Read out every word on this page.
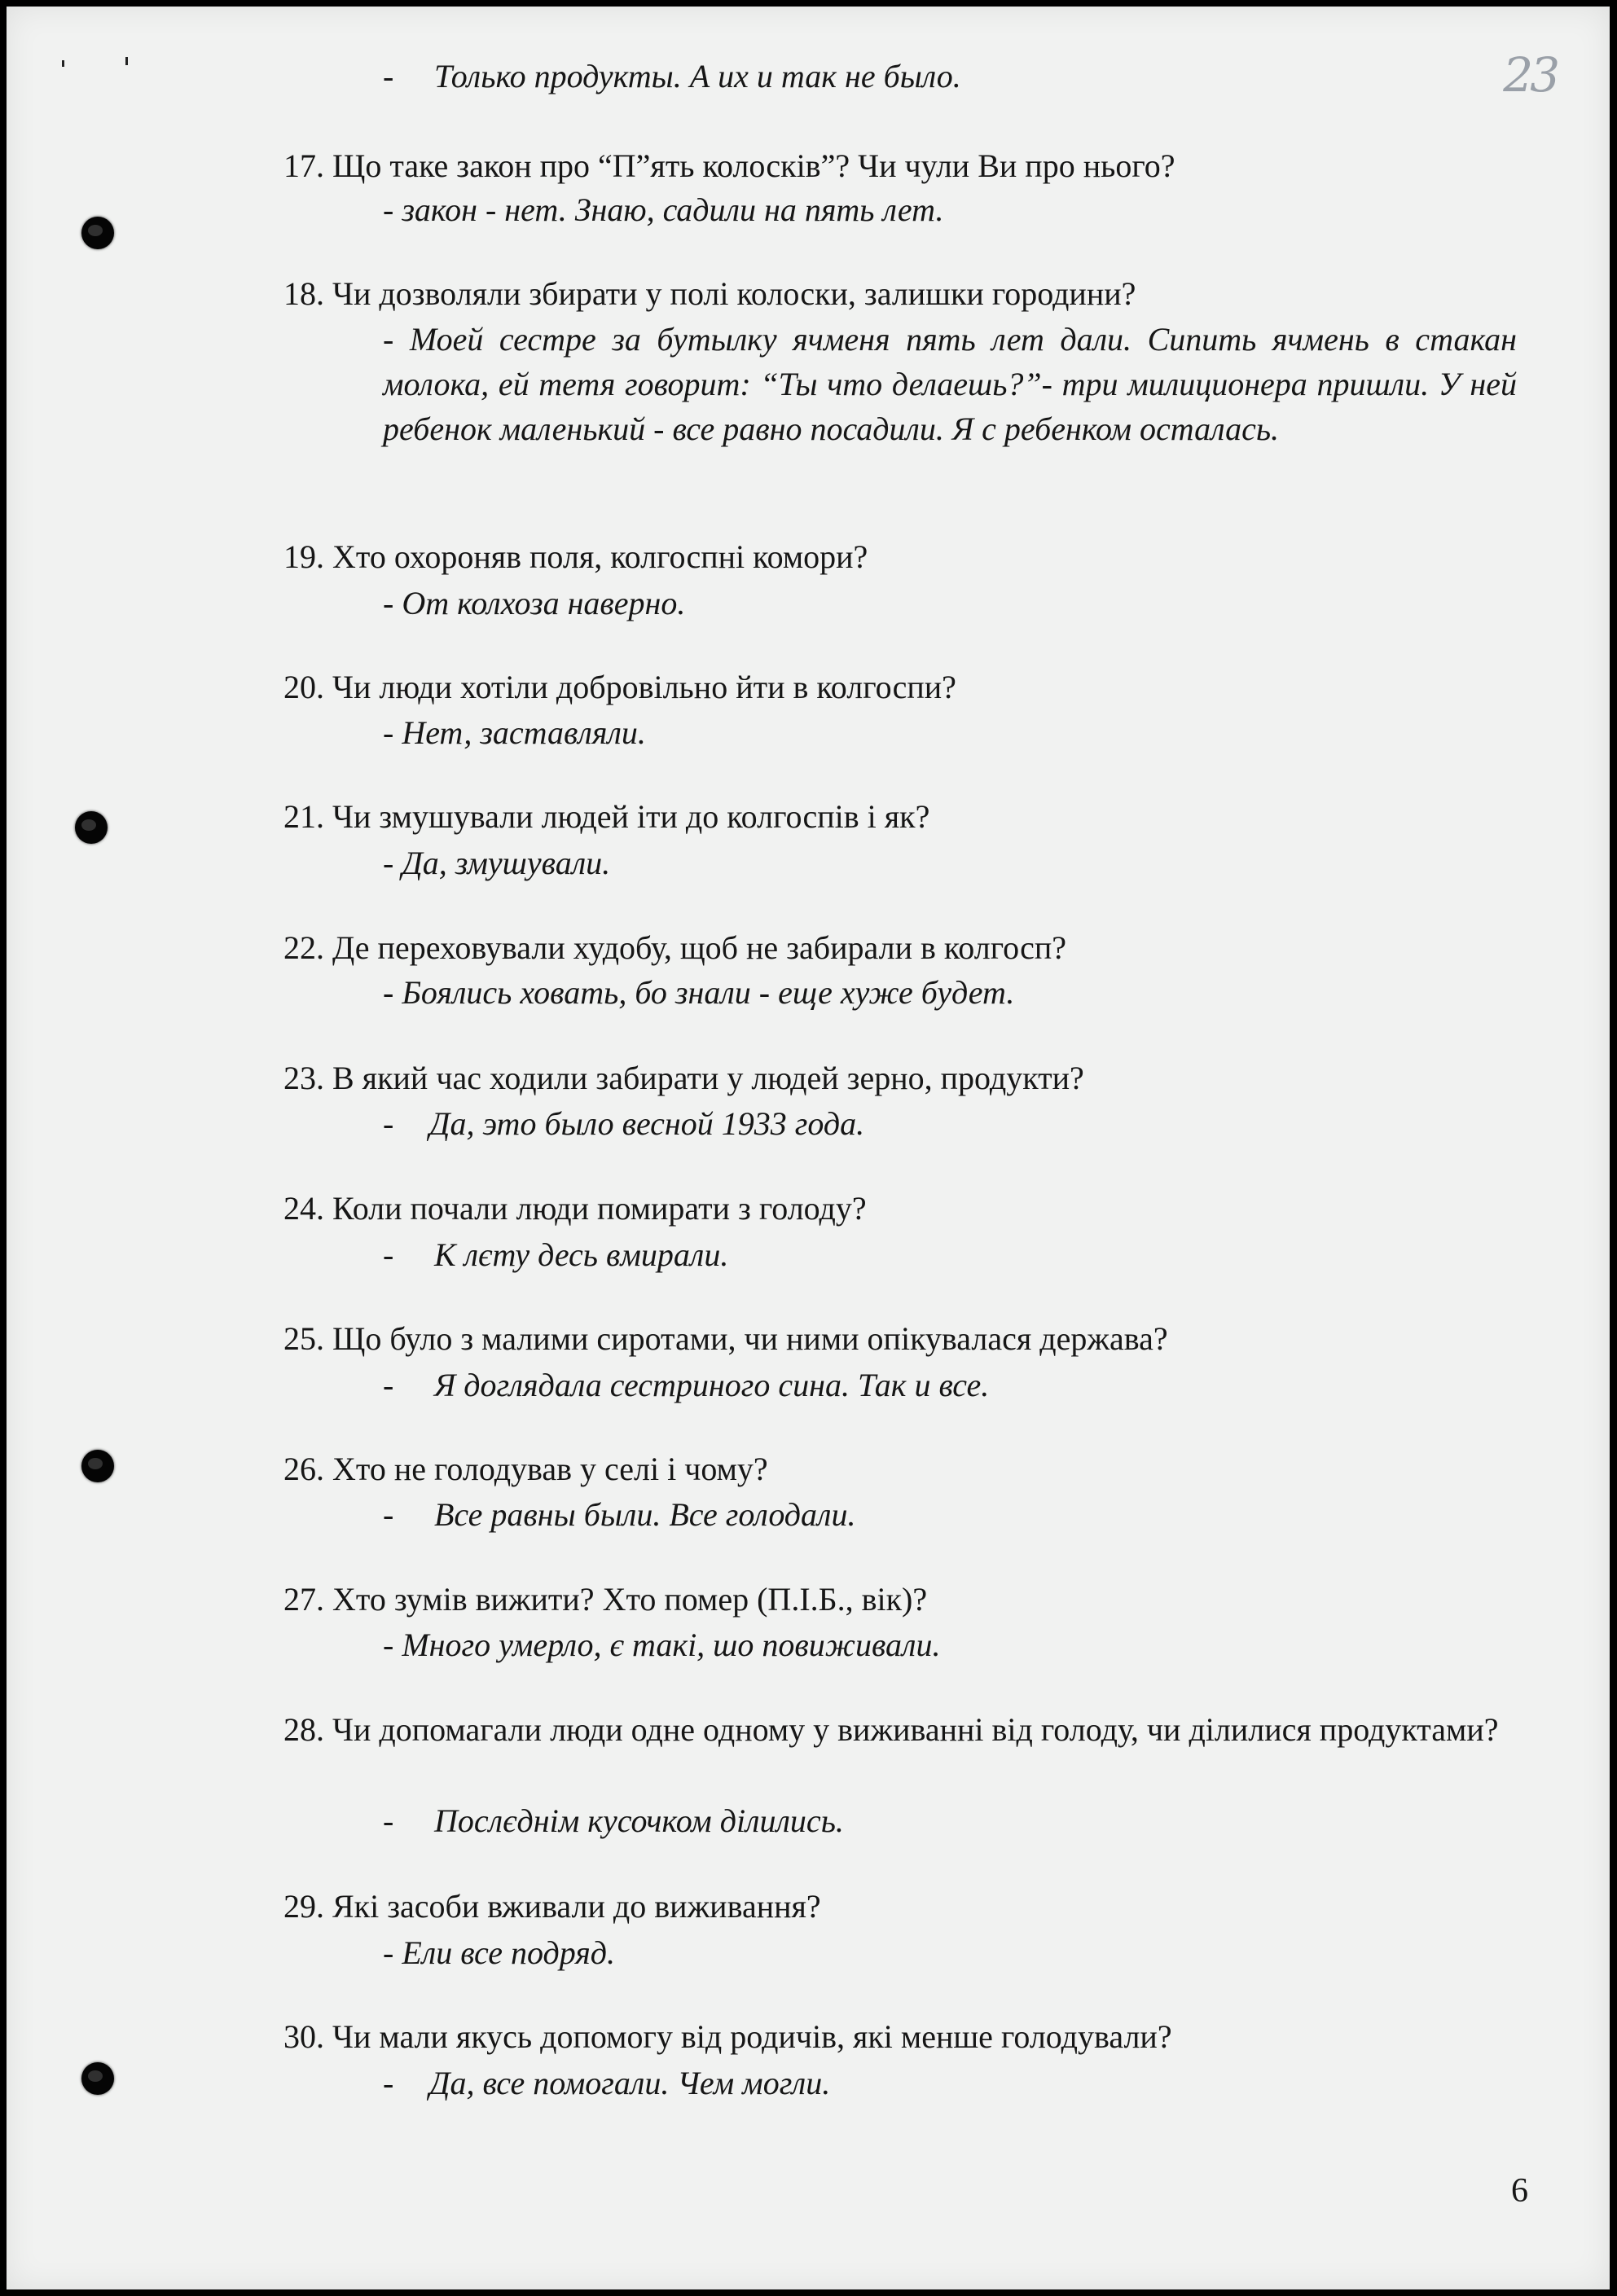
23
- Только продукты. А их и так не было.
17. Що таке закон про “П”ять колосків”? Чи чули Ви про нього?
- закон - нет. Знаю, садили на пять лет.
18. Чи дозволяли збирати у полі колоски, залишки городини?
- Моей сестре за бутылку ячменя пять лет дали. Сипить ячмень в стакан молока, ей тетя говорит: “Ты что делаешь?”- три милиционера пришли. У ней ребенок маленький - все равно посадили. Я с ребенком осталась.
19. Хто охороняв поля, колгоспні комори?
- От колхоза наверно.
20. Чи люди хотіли добровільно йти в колгоспи?
- Нет, заставляли.
21. Чи змушували людей іти до колгоспів і як?
- Да, змушували.
22. Де переховували худобу, щоб не забирали в колгосп?
- Боялись ховать, бо знали - еще хуже будет.
23. В який час ходили забирати у людей зерно, продукти?
- Да, это было весной 1933 года.
24. Коли почали люди помирати з голоду?
- К лєту десь вмирали.
25. Що було з малими сиротами, чи ними опікувалася держава?
- Я доглядала сестриного сина. Так и все.
26. Хто не голодував у селі і чому?
- Все равны были. Все голодали.
27. Хто зумів вижити? Хто помер (П.І.Б., вік)?
- Много умерло, є такі, шо повиживали.
28. Чи допомагали люди одне одному у виживанні від голоду, чи ділилися продуктами?
- Послєднім кусочком ділились.
29. Які засоби вживали до виживання?
- Ели все подряд.
30. Чи мали якусь допомогу від родичів, які менше голодували?
- Да, все помогали. Чем могли.
6
